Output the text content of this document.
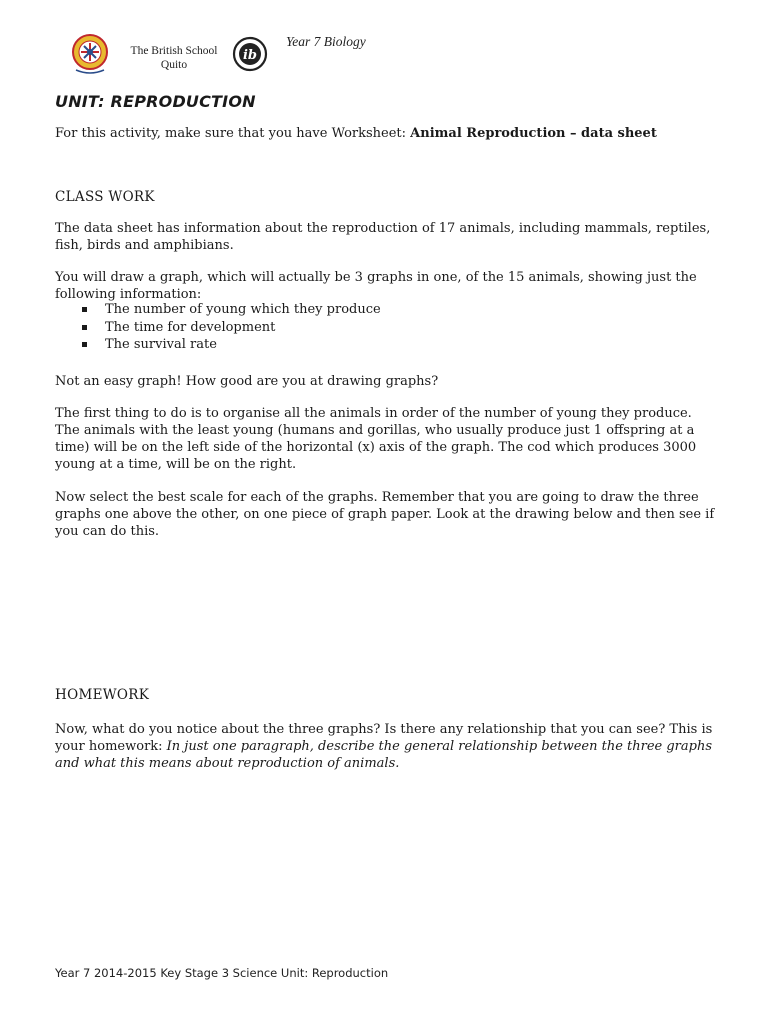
The British School
Quito
ib
Year 7 Biology
UNIT: REPRODUCTION
For this activity, make sure that you have Worksheet: Animal Reproduction – data sheet
CLASS WORK
The data sheet has information about the reproduction of 17 animals, including mammals, reptiles, fish, birds and amphibians.
You will draw a graph, which will actually be 3 graphs in one, of the 15 animals, showing just the following information:
The number of young which they produce
The time for development
The survival rate
Not an easy graph! How good are you at drawing graphs?
The first thing to do is to organise all the animals in order of the number of young they produce. The animals with the least young (humans and gorillas, who usually produce just 1 offspring at a time) will be on the left side of the horizontal (x) axis of the graph. The cod which produces 3000 young at a time, will be on the right.
Now select the best scale for each of the graphs. Remember that you are going to draw the three graphs one above the other, on one piece of graph paper. Look at the drawing below and then see if you can do this.
HOMEWORK
Now, what do you notice about the three graphs? Is there any relationship that you can see? This is your homework: In just one paragraph, describe the general relationship between the three graphs and what this means about reproduction of animals.
Year 7 2014-2015 Key Stage 3 Science Unit: Reproduction
